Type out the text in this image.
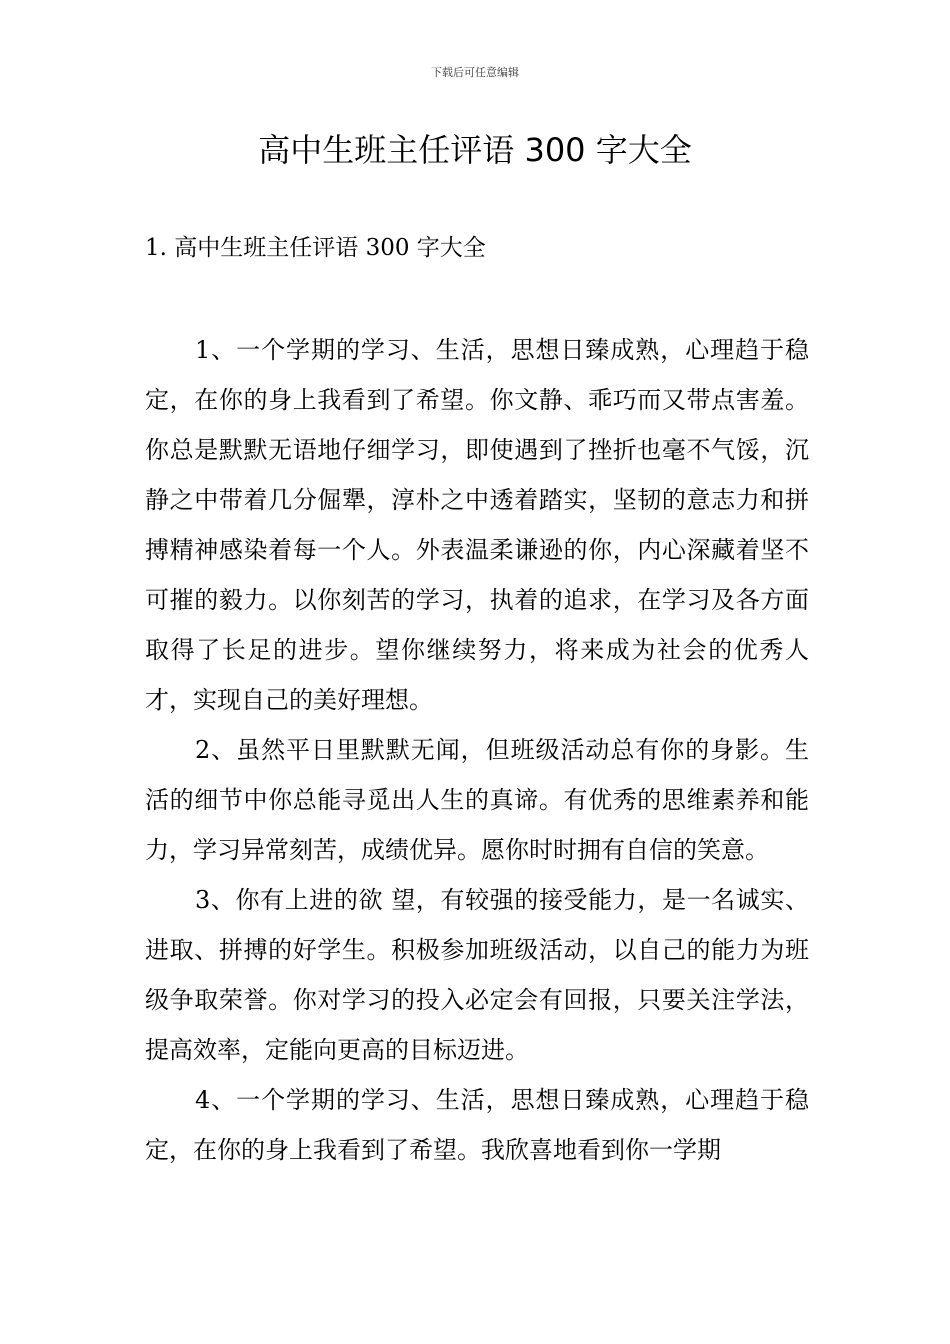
下载后可任意编辑
高中生班主任评语 300 字大全
1. 高中生班主任评语 300 字大全

1、一个学期的学习、生活，思想日臻成熟，心理趋于稳定，在你的身上我看到了希望。你文静、乖巧而又带点害羞。你总是默默无语地仔细学习，即使遇到了挫折也毫不气馁，沉静之中带着几分倔犟，淳朴之中透着踏实，坚韧的意志力和拼搏精神感染着每一个人。外表温柔谦逊的你，内心深藏着坚不可摧的毅力。以你刻苦的学习，执着的追求，在学习及各方面取得了长足的进步。望你继续努力，将来成为社会的优秀人才，实现自己的美好理想。

2、虽然平日里默默无闻，但班级活动总有你的身影。生活的细节中你总能寻觅出人生的真谛。有优秀的思维素养和能力，学习异常刻苦，成绩优异。愿你时时拥有自信的笑意。

3、你有上进的欲 望，有较强的接受能力，是一名诚实、进取、拼搏的好学生。积极参加班级活动，以自己的能力为班级争取荣誉。你对学习的投入必定会有回报，只要关注学法，提高效率，定能向更高的目标迈进。

4、一个学期的学习、生活，思想日臻成熟，心理趋于稳定，在你的身上我看到了希望。我欣喜地看到你一学期
